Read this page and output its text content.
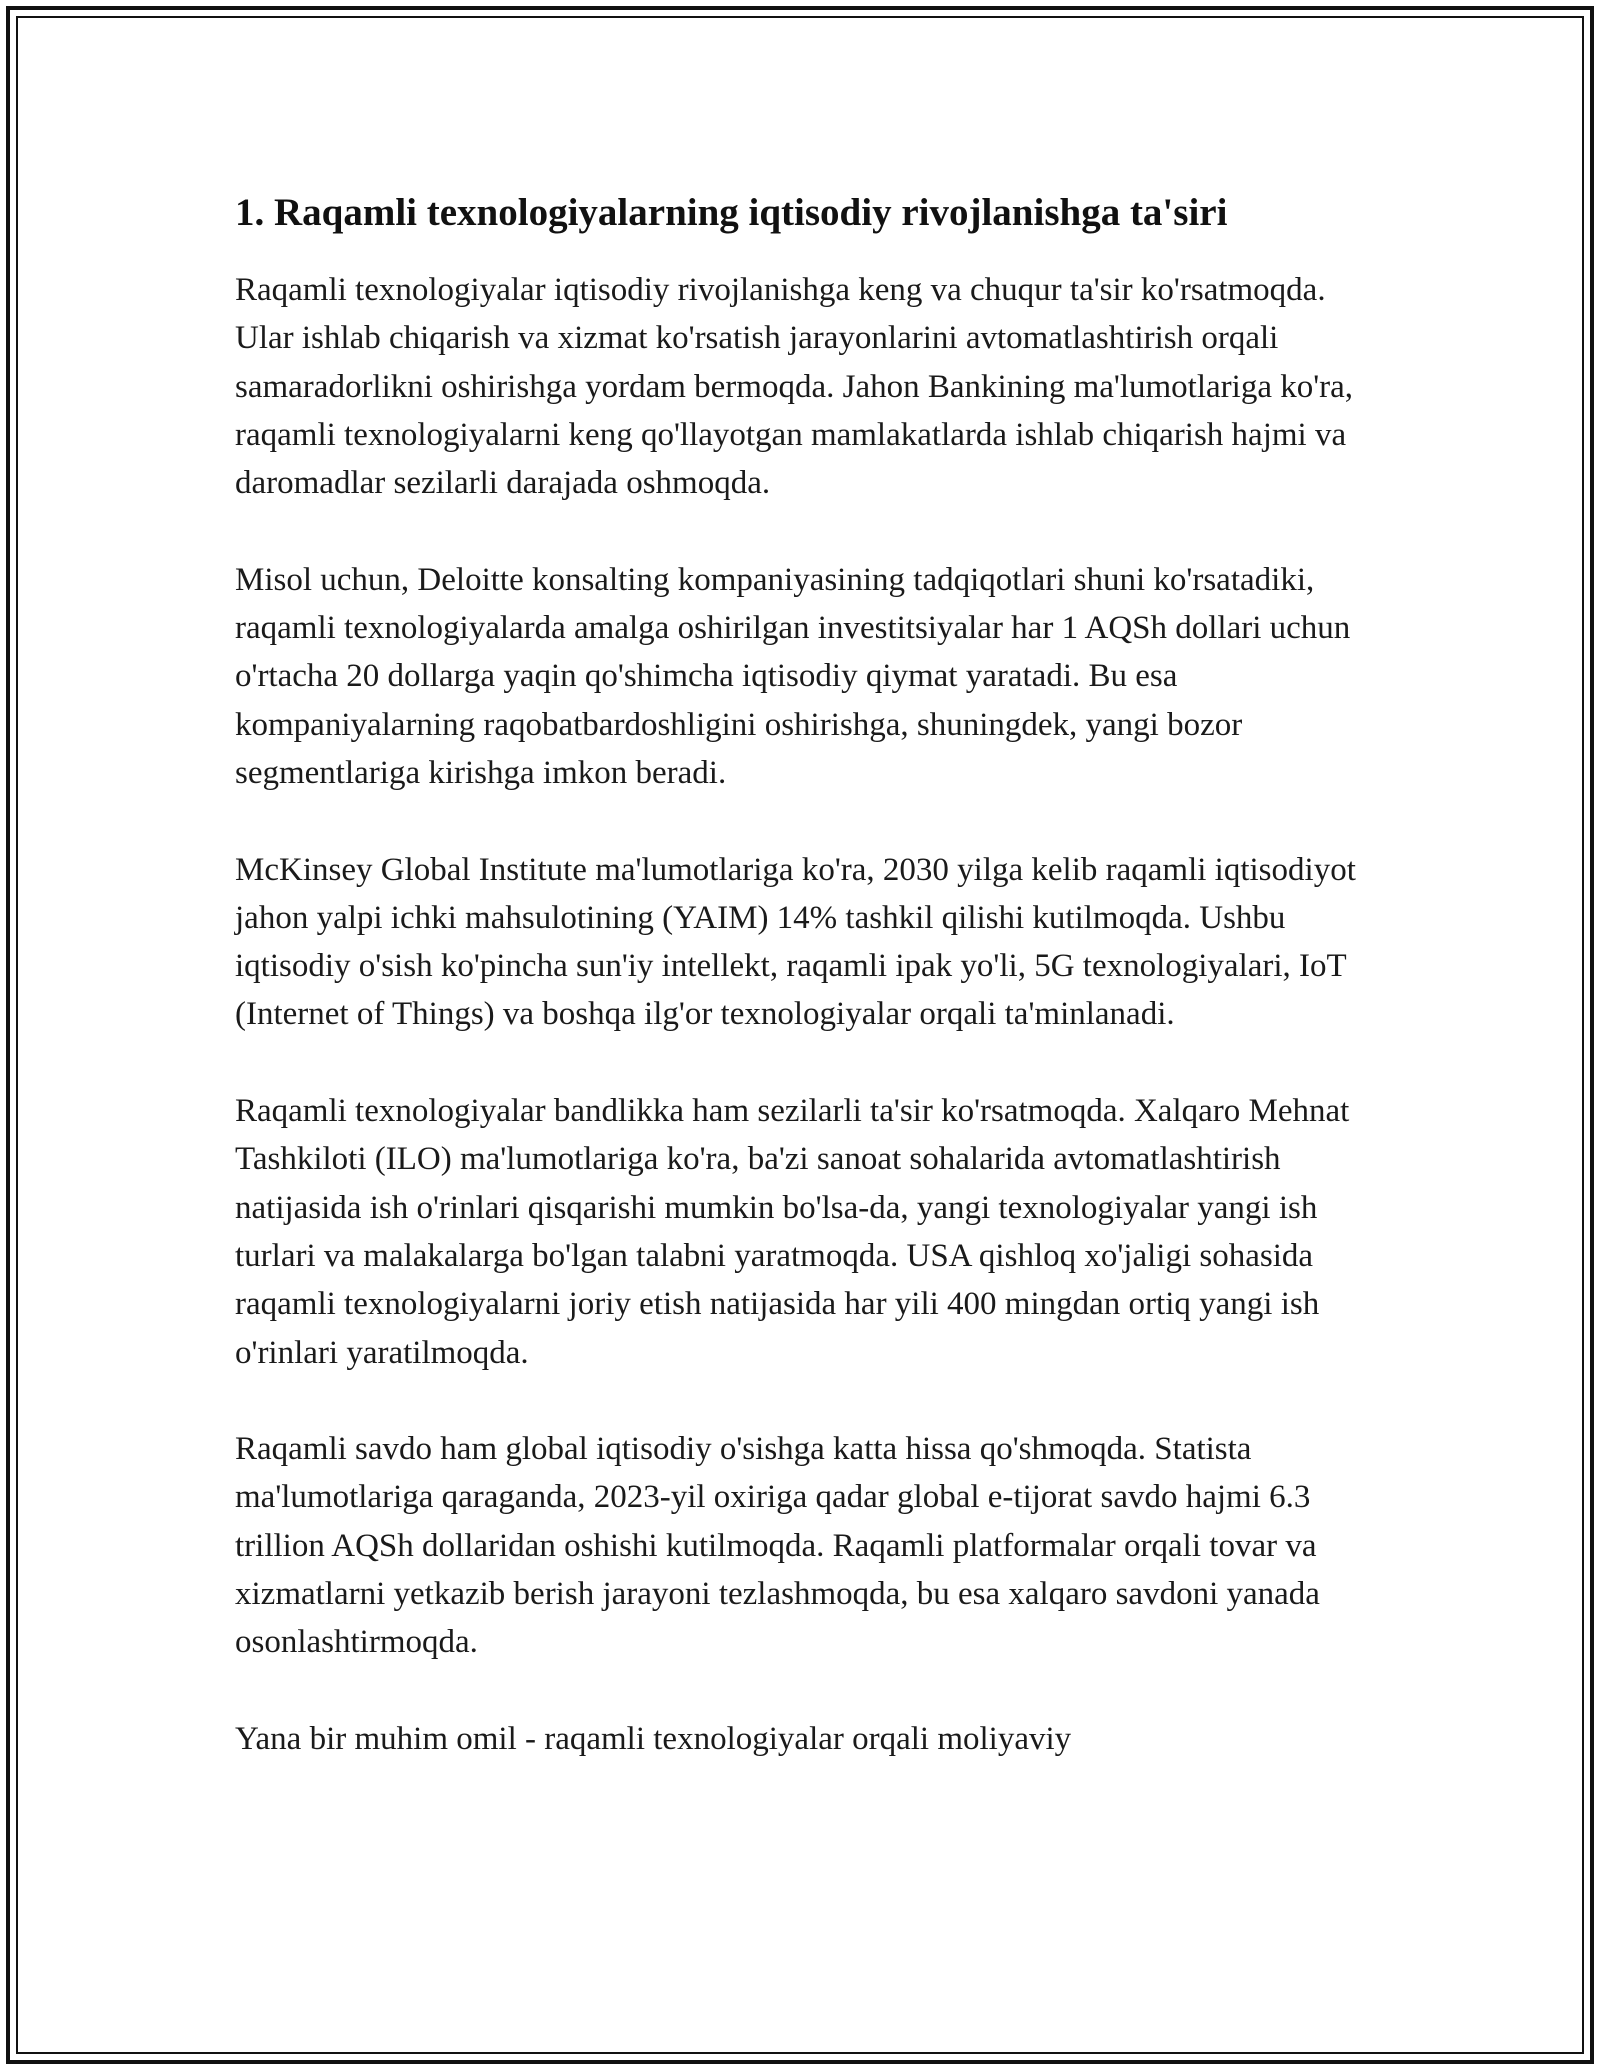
1. Raqamli texnologiyalarning iqtisodiy rivojlanishga ta'siri

Raqamli texnologiyalar iqtisodiy rivojlanishga keng va chuqur ta'sir ko'rsatmoqda. Ular ishlab chiqarish va xizmat ko'rsatish jarayonlarini avtomatlashtirish orqali samaradorlikni oshirishga yordam bermoqda. Jahon Bankining ma'lumotlariga ko'ra, raqamli texnologiyalarni keng qo'llayotgan mamlakatlarda ishlab chiqarish hajmi va daromadlar sezilarli darajada oshmoqda.

Misol uchun, Deloitte konsalting kompaniyasining tadqiqotlari shuni ko'rsatadiki, raqamli texnologiyalarda amalga oshirilgan investitsiyalar har 1 AQSh dollari uchun o'rtacha 20 dollarga yaqin qo'shimcha iqtisodiy qiymat yaratadi. Bu esa kompaniyalarning raqobatbardoshligini oshirishga, shuningdek, yangi bozor segmentlariga kirishga imkon beradi.

McKinsey Global Institute ma'lumotlariga ko'ra, 2030 yilga kelib raqamli iqtisodiyot jahon yalpi ichki mahsulotining (YAIM) 14% tashkil qilishi kutilmoqda. Ushbu iqtisodiy o'sish ko'pincha sun'iy intellekt, raqamli ipak yo'li, 5G texnologiyalari, IoT (Internet of Things) va boshqa ilg'or texnologiyalar orqali ta'minlanadi.

Raqamli texnologiyalar bandlikka ham sezilarli ta'sir ko'rsatmoqda. Xalqaro Mehnat Tashkiloti (ILO) ma'lumotlariga ko'ra, ba'zi sanoat sohalarida avtomatlashtirish natijasida ish o'rinlari qisqarishi mumkin bo'lsa-da, yangi texnologiyalar yangi ish turlari va malakalarga bo'lgan talabni yaratmoqda. USA qishloq xo'jaligi sohasida raqamli texnologiyalarni joriy etish natijasida har yili 400 mingdan ortiq yangi ish o'rinlari yaratilmoqda.

Raqamli savdo ham global iqtisodiy o'sishga katta hissa qo'shmoqda. Statista ma'lumotlariga qaraganda, 2023-yil oxiriga qadar global e-tijorat savdo hajmi 6.3 trillion AQSh dollaridan oshishi kutilmoqda. Raqamli platformalar orqali tovar va xizmatlarni yetkazib berish jarayoni tezlashmoqda, bu esa xalqaro savdoni yanada osonlashtirmoqda.

Yana bir muhim omil - raqamli texnologiyalar orqali moliyaviy
